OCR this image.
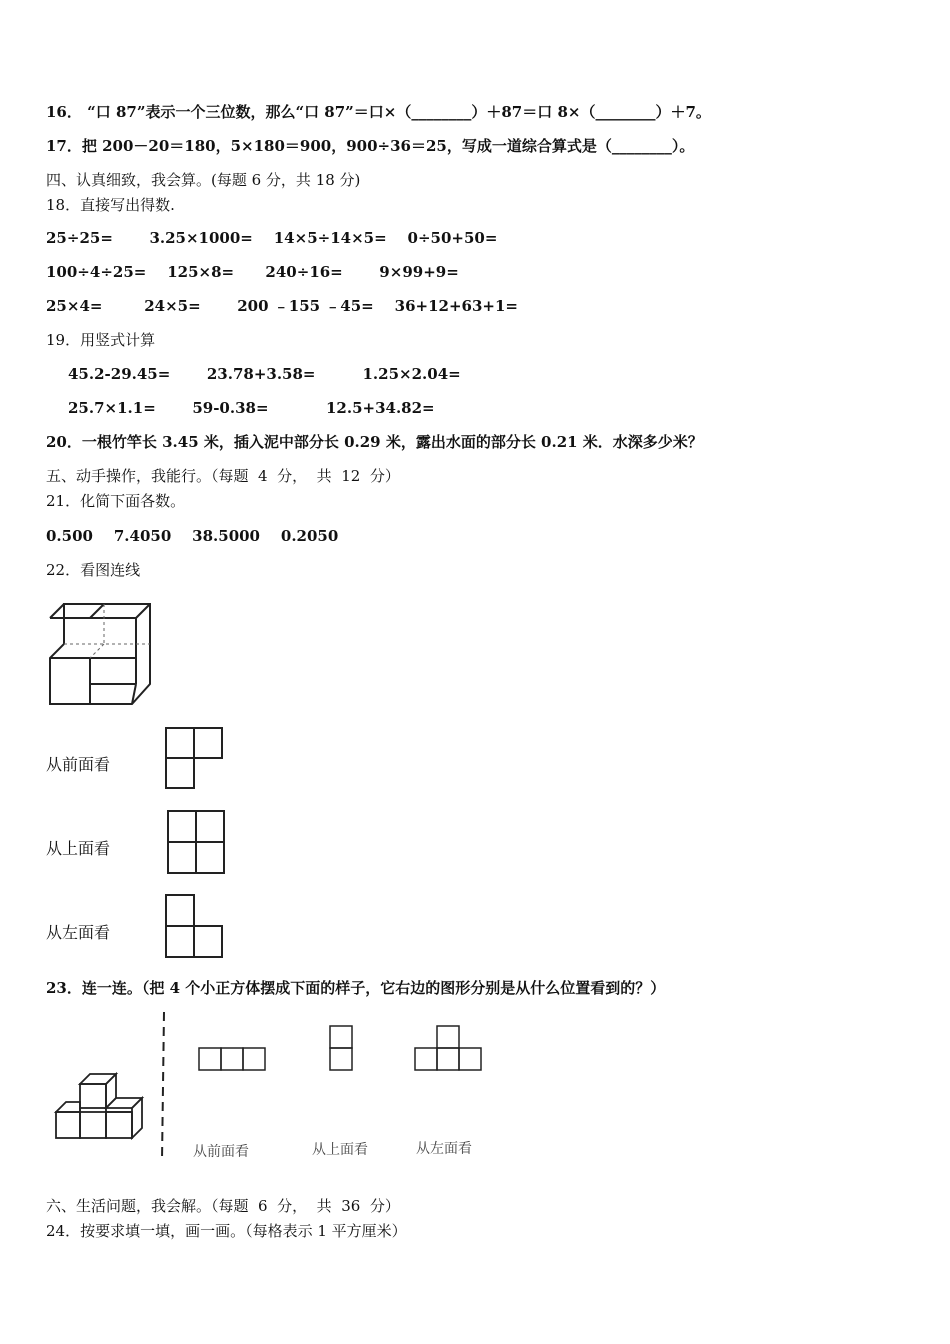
16． “口 87”表示一个三位数，那么“口 87”＝口×（________）＋87＝口 8×（________）＋7。
17．把 200－20＝180，5×180＝900，900÷36＝25，写成一道综合算式是（________）。
四、认真细致，我会算。(每题 6 分，共 18 分)
18．直接写出得数.
25÷25=       3.25×1000=    14×5÷14×5=    0÷50+50=
100÷4÷25=    125×8=      240÷16=       9×99+9=
25×4=        24×5=       200 ﹣155 ﹣45=    36+12+63+1=
19．用竖式计算
45.2-29.45=       23.78+3.58=         1.25×2.04=
25.7×1.1=       59-0.38=           12.5+34.82=
20．一根竹竿长 3.45 米，插入泥中部分长 0.29 米，露出水面的部分长 0.21 米．水深多少米？
五、动手操作，我能行。（每题  4  分，  共  12  分）
21．化简下面各数。
0.500    7.4050    38.5000    0.2050
22．看图连线
从前面看
从上面看
从左面看
23．连一连。（把 4 个小正方体摆成下面的样子，它右边的图形分别是从什么位置看到的？）
从前面看	从上面看	从左面看
六、生活问题，我会解。（每题  6  分，  共  36  分）
24．按要求填一填，画一画。（每格表示 1 平方厘米）
